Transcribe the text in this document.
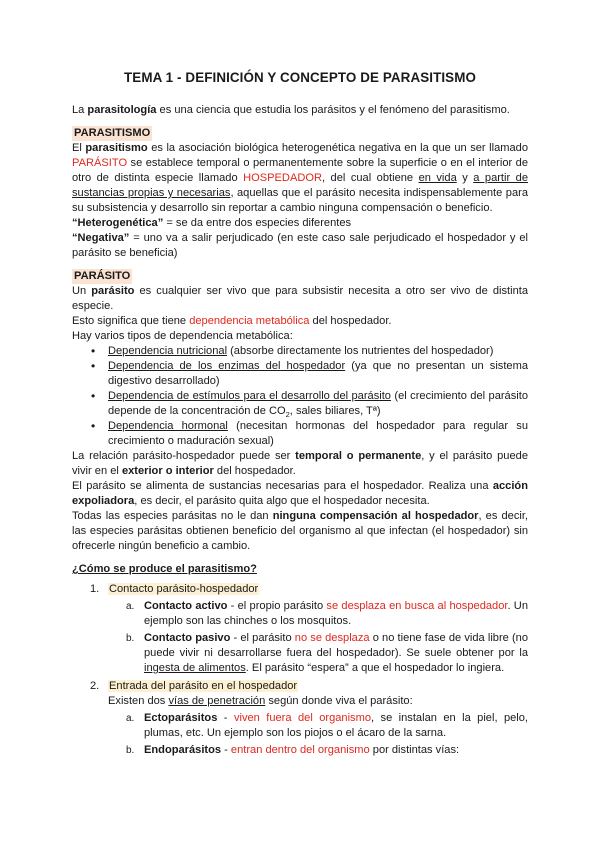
TEMA 1 - DEFINICIÓN Y CONCEPTO DE PARASITISMO

La parasitología es una ciencia que estudia los parásitos y el fenómeno del parasitismo.

PARASITISMO

El parasitismo es la asociación biológica heterogenética negativa en la que un ser llamado PARÁSITO se establece temporal o permanentemente sobre la superficie o en el interior de otro de distinta especie llamado HOSPEDADOR, del cual obtiene en vida y a partir de sustancias propias y necesarias, aquellas que el parásito necesita indispensablemente para su subsistencia y desarrollo sin reportar a cambio ninguna compensación o beneficio.

“Heterogenética” = se da entre dos especies diferentes

“Negativa” = uno va a salir perjudicado (en este caso sale perjudicado el hospedador y el parásito se beneficia)

PARÁSITO

Un parásito es cualquier ser vivo que para subsistir necesita a otro ser vivo de distinta especie.

Esto significa que tiene dependencia metabólica del hospedador.

Hay varios tipos de dependencia metabólica:

• Dependencia nutricional (absorbe directamente los nutrientes del hospedador)
• Dependencia de los enzimas del hospedador (ya que no presentan un sistema digestivo desarrollado)
• Dependencia de estímulos para el desarrollo del parásito (el crecimiento del parásito depende de la concentración de $CO_2$, sales biliares, Tª)
• Dependencia hormonal (necesitan hormonas del hospedador para regular su crecimiento o maduración sexual)

La relación parásito-hospedador puede ser temporal o permanente, y el parásito puede vivir en el exterior o interior del hospedador.

El parásito se alimenta de sustancias necesarias para el hospedador. Realiza una acción expoliadora, es decir, el parásito quita algo que el hospedador necesita.

Todas las especies parásitas no le dan ninguna compensación al hospedador, es decir, las especies parásitas obtienen beneficio del organismo al que infectan (el hospedador) sin ofrecerle ningún beneficio a cambio.

¿Cómo se produce el parasitismo?

1. Contacto parásito-hospedador
a. Contacto activo - el propio parásito se desplaza en busca al hospedador. Un ejemplo son las chinches o los mosquitos.
b. Contacto pasivo - el parásito no se desplaza o no tiene fase de vida libre (no puede vivir ni desarrollarse fuera del hospedador). Se suele obtener por la ingesta de alimentos. El parásito “espera” a que el hospedador lo ingiera.
2. Entrada del parásito en el hospedador

Existen dos vías de penetración según donde viva el parásito:

a. Ectoparásitos - viven fuera del organismo, se instalan en la piel, pelo, plumas, etc. Un ejemplo son los piojos o el ácaro de la sarna.
b. Endoparásitos - entran dentro del organismo por distintas vías:
